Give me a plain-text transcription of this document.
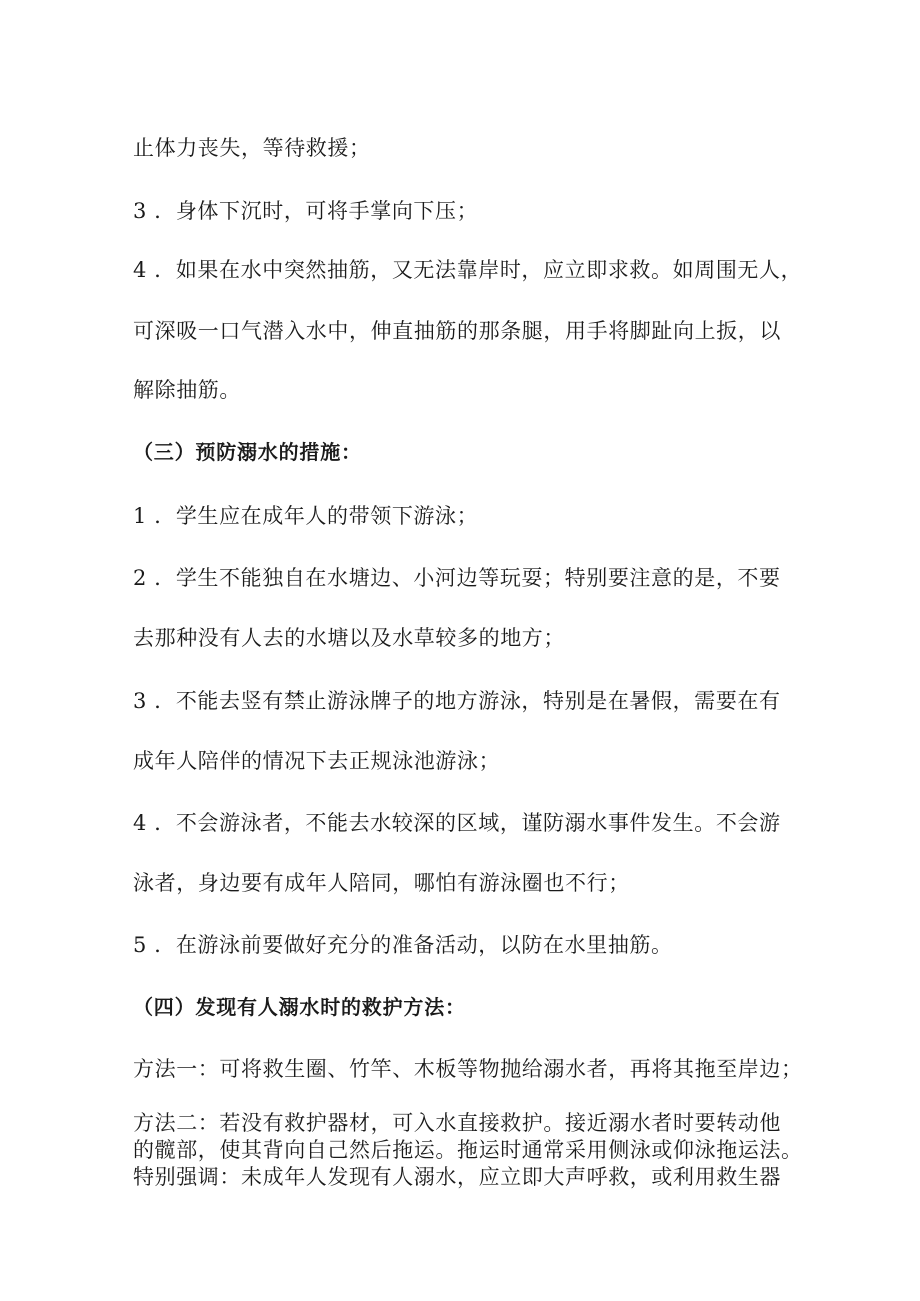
止体力丧失，等待救援；
3 ．身体下沉时，可将手掌向下压；
4 ．如果在水中突然抽筋，又无法靠岸时，应立即求救。如周围无人，
可深吸一口气潜入水中，伸直抽筋的那条腿，用手将脚趾向上扳，以
解除抽筋。
（三）预防溺水的措施：
1 ．学生应在成年人的带领下游泳；
2 ．学生不能独自在水塘边、小河边等玩耍；特别要注意的是，不要
去那种没有人去的水塘以及水草较多的地方；
3 ．不能去竖有禁止游泳牌子的地方游泳，特别是在暑假，需要在有
成年人陪伴的情况下去正规泳池游泳；
4 ．不会游泳者，不能去水较深的区域，谨防溺水事件发生。不会游
泳者，身边要有成年人陪同，哪怕有游泳圈也不行；
5 ．在游泳前要做好充分的准备活动，以防在水里抽筋。
（四）发现有人溺水时的救护方法：
方法一：可将救生圈、竹竿、木板等物抛给溺水者，再将其拖至岸边；
方法二：若没有救护器材，可入水直接救护。接近溺水者时要转动他
的髋部，使其背向自己然后拖运。拖运时通常采用侧泳或仰泳拖运法。
特别强调：未成年人发现有人溺水，应立即大声呼救，或利用救生器
